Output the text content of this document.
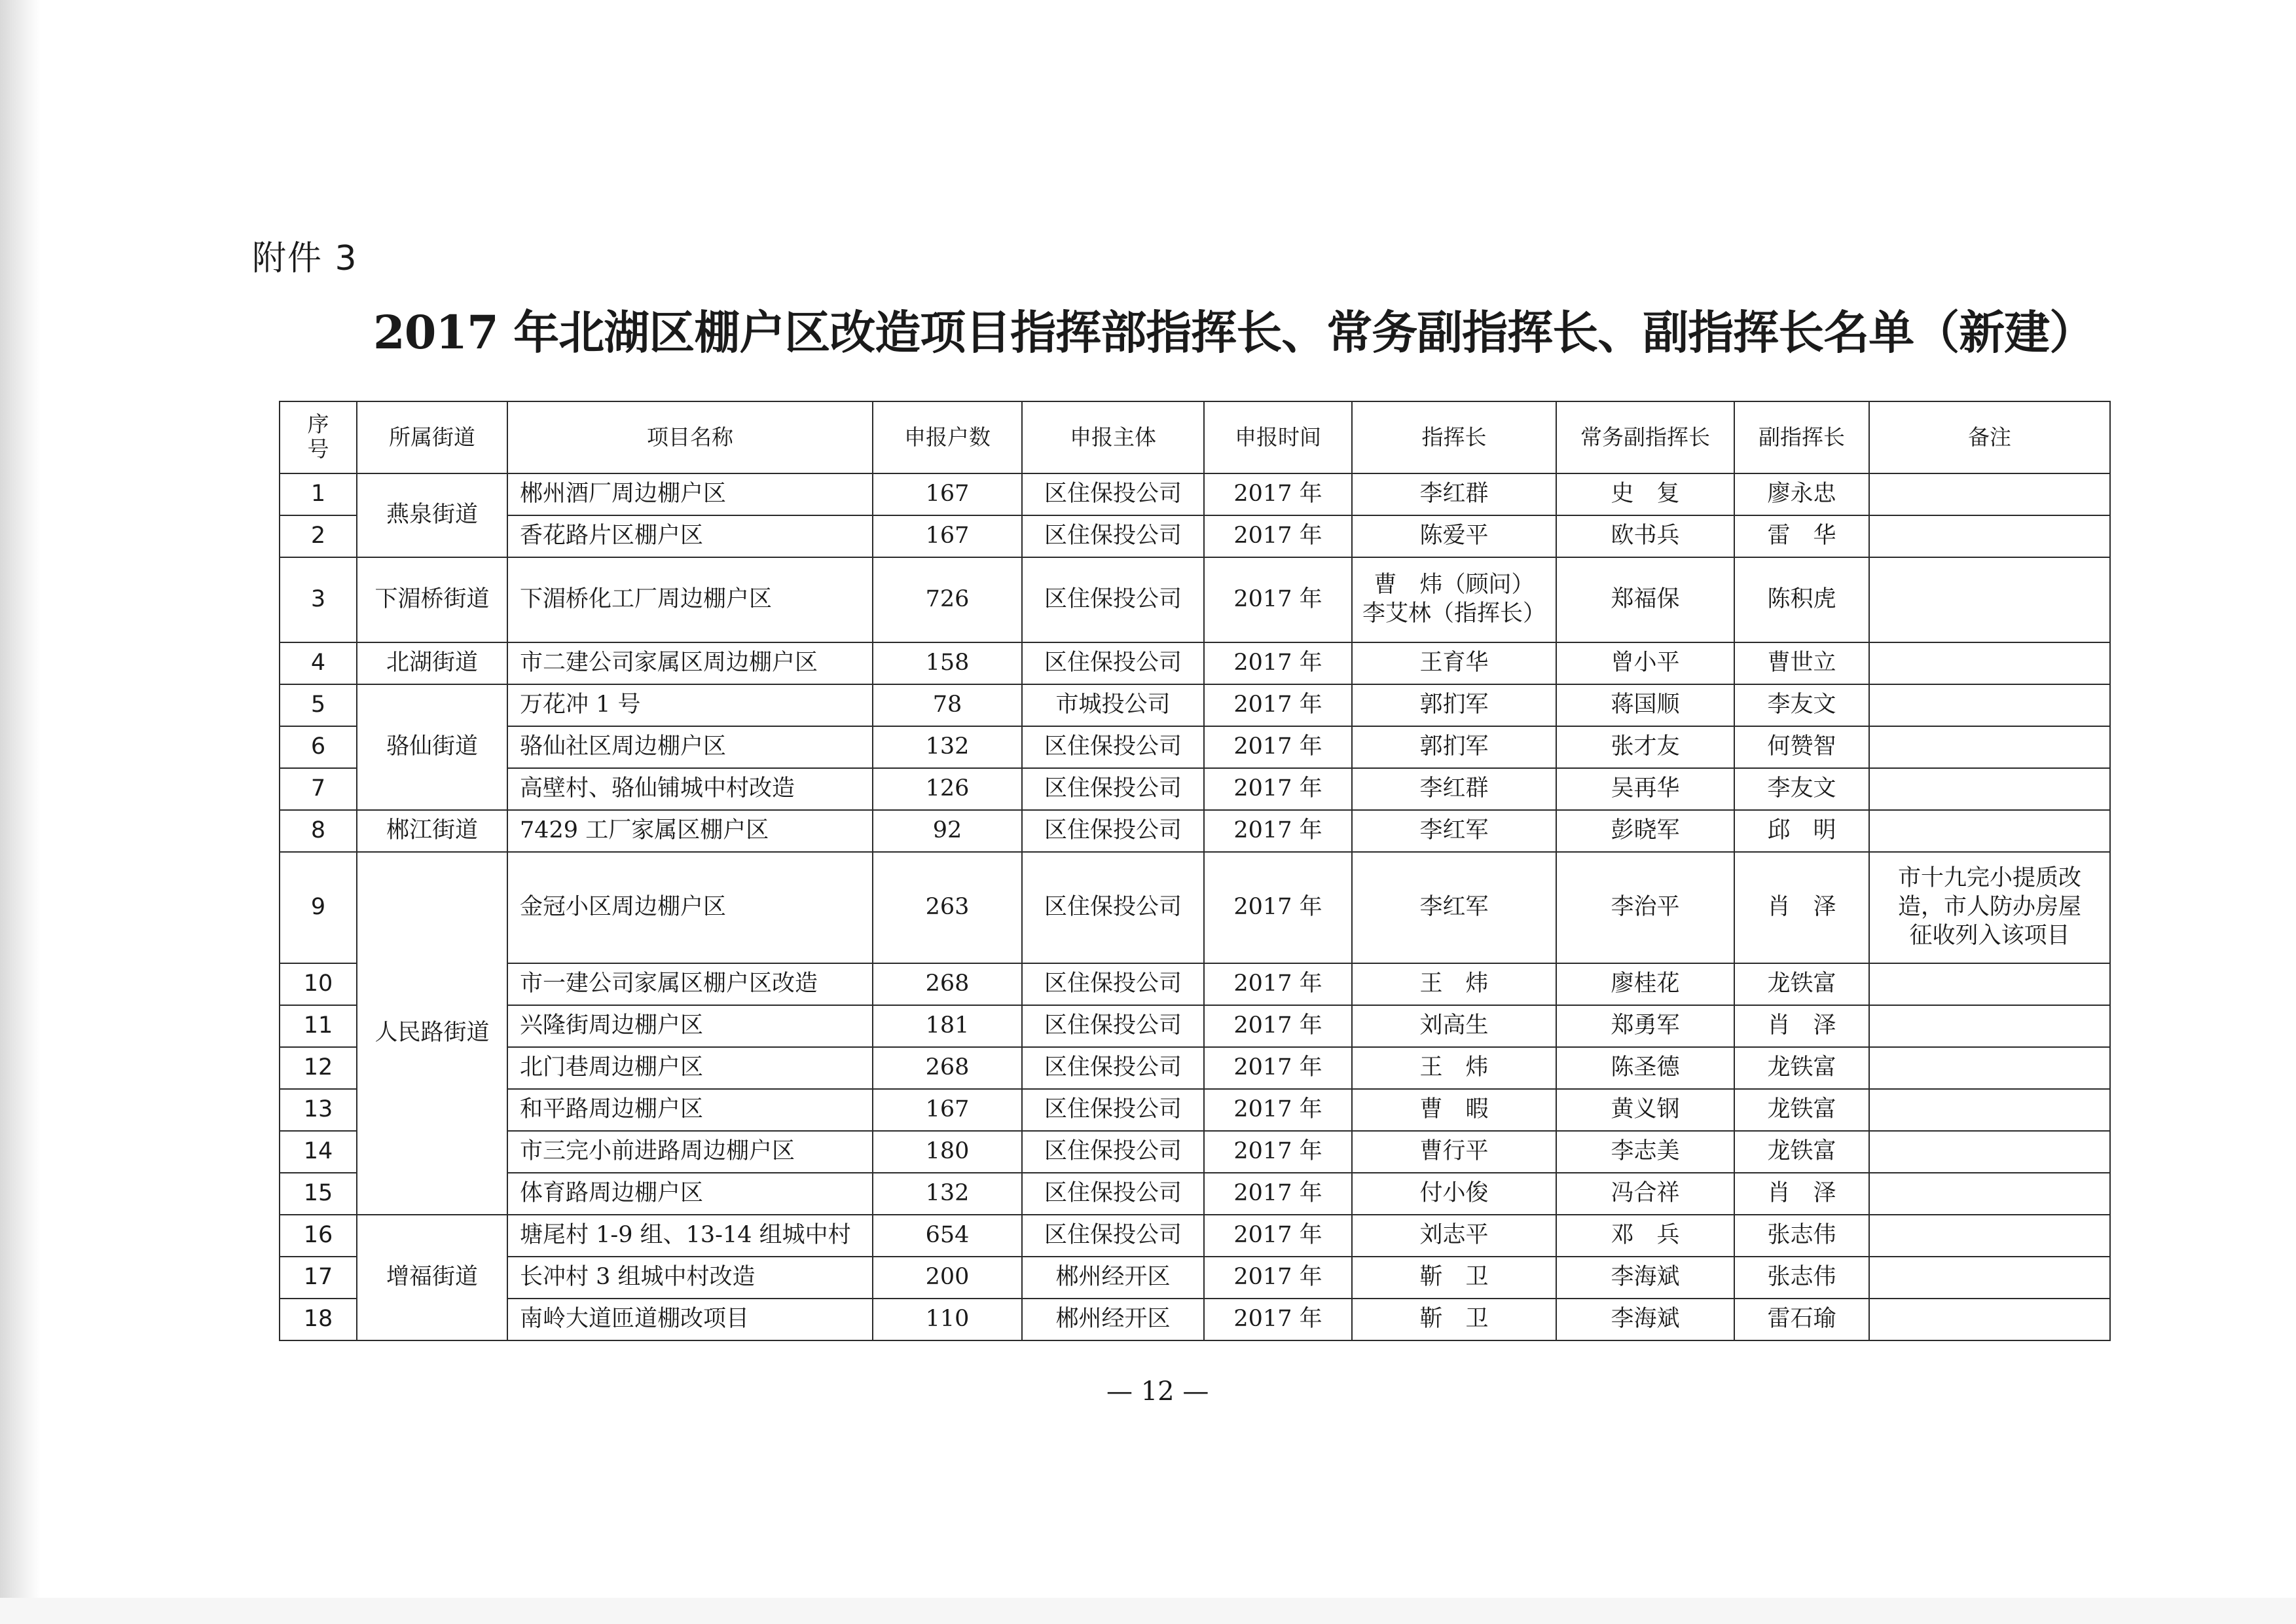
附件 3
2017 年北湖区棚户区改造项目指挥部指挥长、常务副指挥长、副指挥长名单（新建）
序号	所属街道	项目名称	申报户数	申报主体	申报时间	指挥长	常务副指挥长	副指挥长	备注
1	燕泉街道	郴州酒厂周边棚户区	167	区住保投公司	2017 年	李红群	史　复	廖永忠	
2		香花路片区棚户区	167	区住保投公司	2017 年	陈爱平	欧书兵	雷　华	
3	下湄桥街道	下湄桥化工厂周边棚户区	726	区住保投公司	2017 年	曹　炜（顾问）
李艾林（指挥长）	郑福保	陈积虎	
4	北湖街道	市二建公司家属区周边棚户区	158	区住保投公司	2017 年	王育华	曾小平	曹世立	
5	骆仙街道	万花冲 1 号	78	市城投公司	2017 年	郭扪军	蒋国顺	李友文	
6		骆仙社区周边棚户区	132	区住保投公司	2017 年	郭扪军	张才友	何赞智	
7		高壁村、骆仙铺城中村改造	126	区住保投公司	2017 年	李红群	吴再华	李友文	
8	郴江街道	7429 工厂家属区棚户区	92	区住保投公司	2017 年	李红军	彭晓军	邱　明	
9	人民路街道	金冠小区周边棚户区	263	区住保投公司	2017 年	李红军	李治平	肖　泽	市十九完小提质改
造，市人防办房屋
征收列入该项目
10		市一建公司家属区棚户区改造	268	区住保投公司	2017 年	王　炜	廖桂花	龙铁富	
11		兴隆街周边棚户区	181	区住保投公司	2017 年	刘高生	郑勇军	肖　泽	
12		北门巷周边棚户区	268	区住保投公司	2017 年	王　炜	陈圣德	龙铁富	
13		和平路周边棚户区	167	区住保投公司	2017 年	曹　暇	黄义钢	龙铁富	
14		市三完小前进路周边棚户区	180	区住保投公司	2017 年	曹行平	李志美	龙铁富	
15		体育路周边棚户区	132	区住保投公司	2017 年	付小俊	冯合祥	肖　泽	
16	增福街道	塘尾村 1-9 组、13-14 组城中村	654	区住保投公司	2017 年	刘志平	邓　兵	张志伟	
17		长冲村 3 组城中村改造	200	郴州经开区	2017 年	靳　卫	李海斌	张志伟	
18		南岭大道匝道棚改项目	110	郴州经开区	2017 年	靳　卫	李海斌	雷石瑜	
— 12 —
